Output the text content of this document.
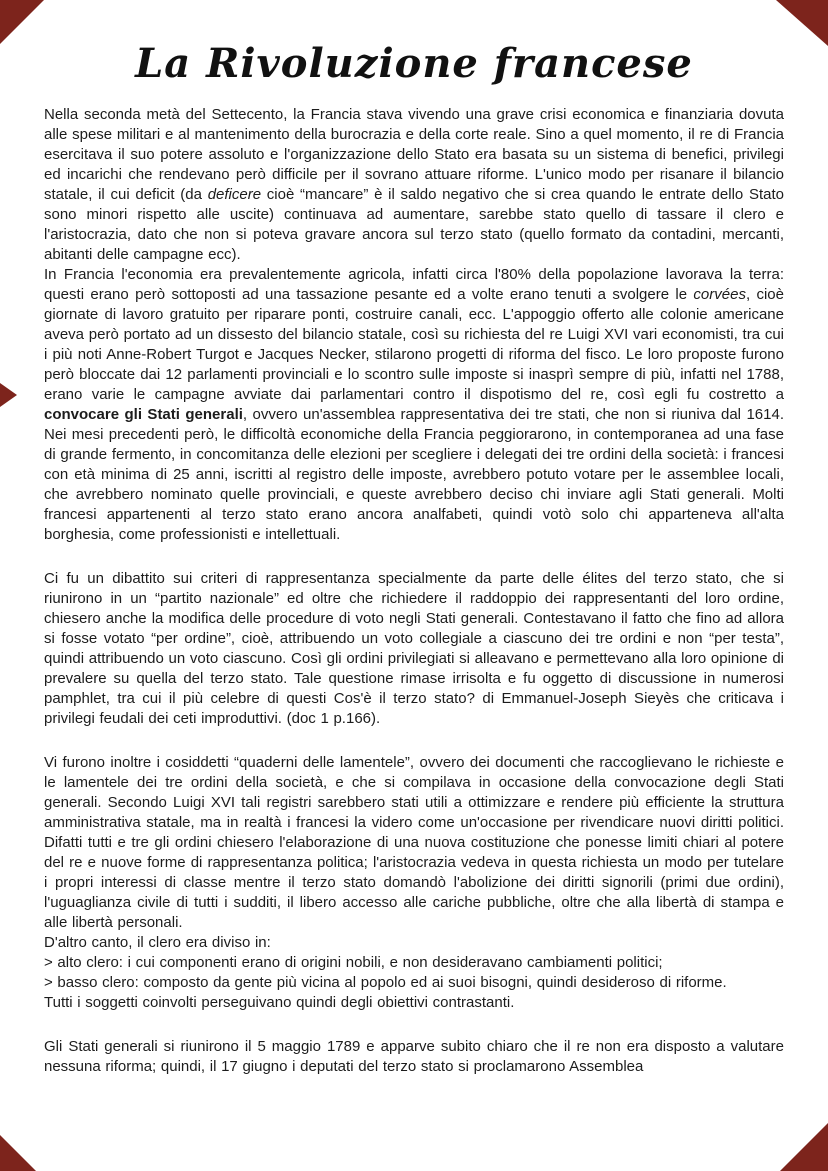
La Rivoluzione francese

Nella seconda metà del Settecento, la Francia stava vivendo una grave crisi economica e finanziaria dovuta alle spese militari e al mantenimento della burocrazia e della corte reale. Sino a quel momento, il re di Francia esercitava il suo potere assoluto e l'organizzazione dello Stato era basata su un sistema di benefici, privilegi ed incarichi che rendevano però difficile per il sovrano attuare riforme. L'unico modo per risanare il bilancio statale, il cui deficit (da deficere cioè “mancare” è il saldo negativo che si crea quando le entrate dello Stato sono minori rispetto alle uscite) continuava ad aumentare, sarebbe stato quello di tassare il clero e l'aristocrazia, dato che non si poteva gravare ancora sul terzo stato (quello formato da contadini, mercanti, abitanti delle campagne ecc).

In Francia l'economia era prevalentemente agricola, infatti circa l'80% della popolazione lavorava la terra: questi erano però sottoposti ad una tassazione pesante ed a volte erano tenuti a svolgere le corvées, cioè giornate di lavoro gratuito per riparare ponti, costruire canali, ecc. L'appoggio offerto alle colonie americane aveva però portato ad un dissesto del bilancio statale, così su richiesta del re Luigi XVI vari economisti, tra cui i più noti Anne-Robert Turgot e Jacques Necker, stilarono progetti di riforma del fisco. Le loro proposte furono però bloccate dai 12 parlamenti provinciali e lo scontro sulle imposte si inasprì sempre di più, infatti nel 1788, erano varie le campagne avviate dai parlamentari contro il dispotismo del re, così egli fu costretto a convocare gli Stati generali, ovvero un'assemblea rappresentativa dei tre stati, che non si riuniva dal 1614. Nei mesi precedenti però, le difficoltà economiche della Francia peggiorarono, in contemporanea ad una fase di grande fermento, in concomitanza delle elezioni per scegliere i delegati dei tre ordini della società: i francesi con età minima di 25 anni, iscritti al registro delle imposte, avrebbero potuto votare per le assemblee locali, che avrebbero nominato quelle provinciali, e queste avrebbero deciso chi inviare agli Stati generali. Molti francesi appartenenti al terzo stato erano ancora analfabeti, quindi votò solo chi apparteneva all'alta borghesia, come professionisti e intellettuali.

Ci fu un dibattito sui criteri di rappresentanza specialmente da parte delle élites del terzo stato, che si riunirono in un “partito nazionale” ed oltre che richiedere il raddoppio dei rappresentanti del loro ordine, chiesero anche la modifica delle procedure di voto negli Stati generali. Contestavano il fatto che fino ad allora si fosse votato “per ordine”, cioè, attribuendo un voto collegiale a ciascuno dei tre ordini e non “per testa”, quindi attribuendo un voto ciascuno. Così gli ordini privilegiati si alleavano e permettevano alla loro opinione di prevalere su quella del terzo stato. Tale questione rimase irrisolta e fu oggetto di discussione in numerosi pamphlet, tra cui il più celebre di questi Cos'è il terzo stato? di Emmanuel-Joseph Sieyès che criticava i privilegi feudali dei ceti improduttivi. (doc 1 p.166).

Vi furono inoltre i cosiddetti “quaderni delle lamentele”, ovvero dei documenti che raccoglievano le richieste e le lamentele dei tre ordini della società, e che si compilava in occasione della convocazione degli Stati generali. Secondo Luigi XVI tali registri sarebbero stati utili a ottimizzare e rendere più efficiente la struttura amministrativa statale, ma in realtà i francesi la videro come un'occasione per rivendicare nuovi diritti politici. Difatti tutti e tre gli ordini chiesero l'elaborazione di una nuova costituzione che ponesse limiti chiari al potere del re e nuove forme di rappresentanza politica; l'aristocrazia vedeva in questa richiesta un modo per tutelare i propri interessi di classe mentre il terzo stato domandò l'abolizione dei diritti signorili (primi due ordini), l'uguaglianza civile di tutti i sudditi, il libero accesso alle cariche pubbliche, oltre che alla libertà di stampa e alle libertà personali.

D'altro canto, il clero era diviso in:

> alto clero: i cui componenti erano di origini nobili, e non desideravano cambiamenti politici;

> basso clero: composto da gente più vicina al popolo ed ai suoi bisogni, quindi desideroso di riforme.

Tutti i soggetti coinvolti perseguivano quindi degli obiettivi contrastanti.

Gli Stati generali si riunirono il 5 maggio 1789 e apparve subito chiaro che il re non era disposto a valutare nessuna riforma; quindi, il 17 giugno i deputati del terzo stato si proclamarono Assemblea
